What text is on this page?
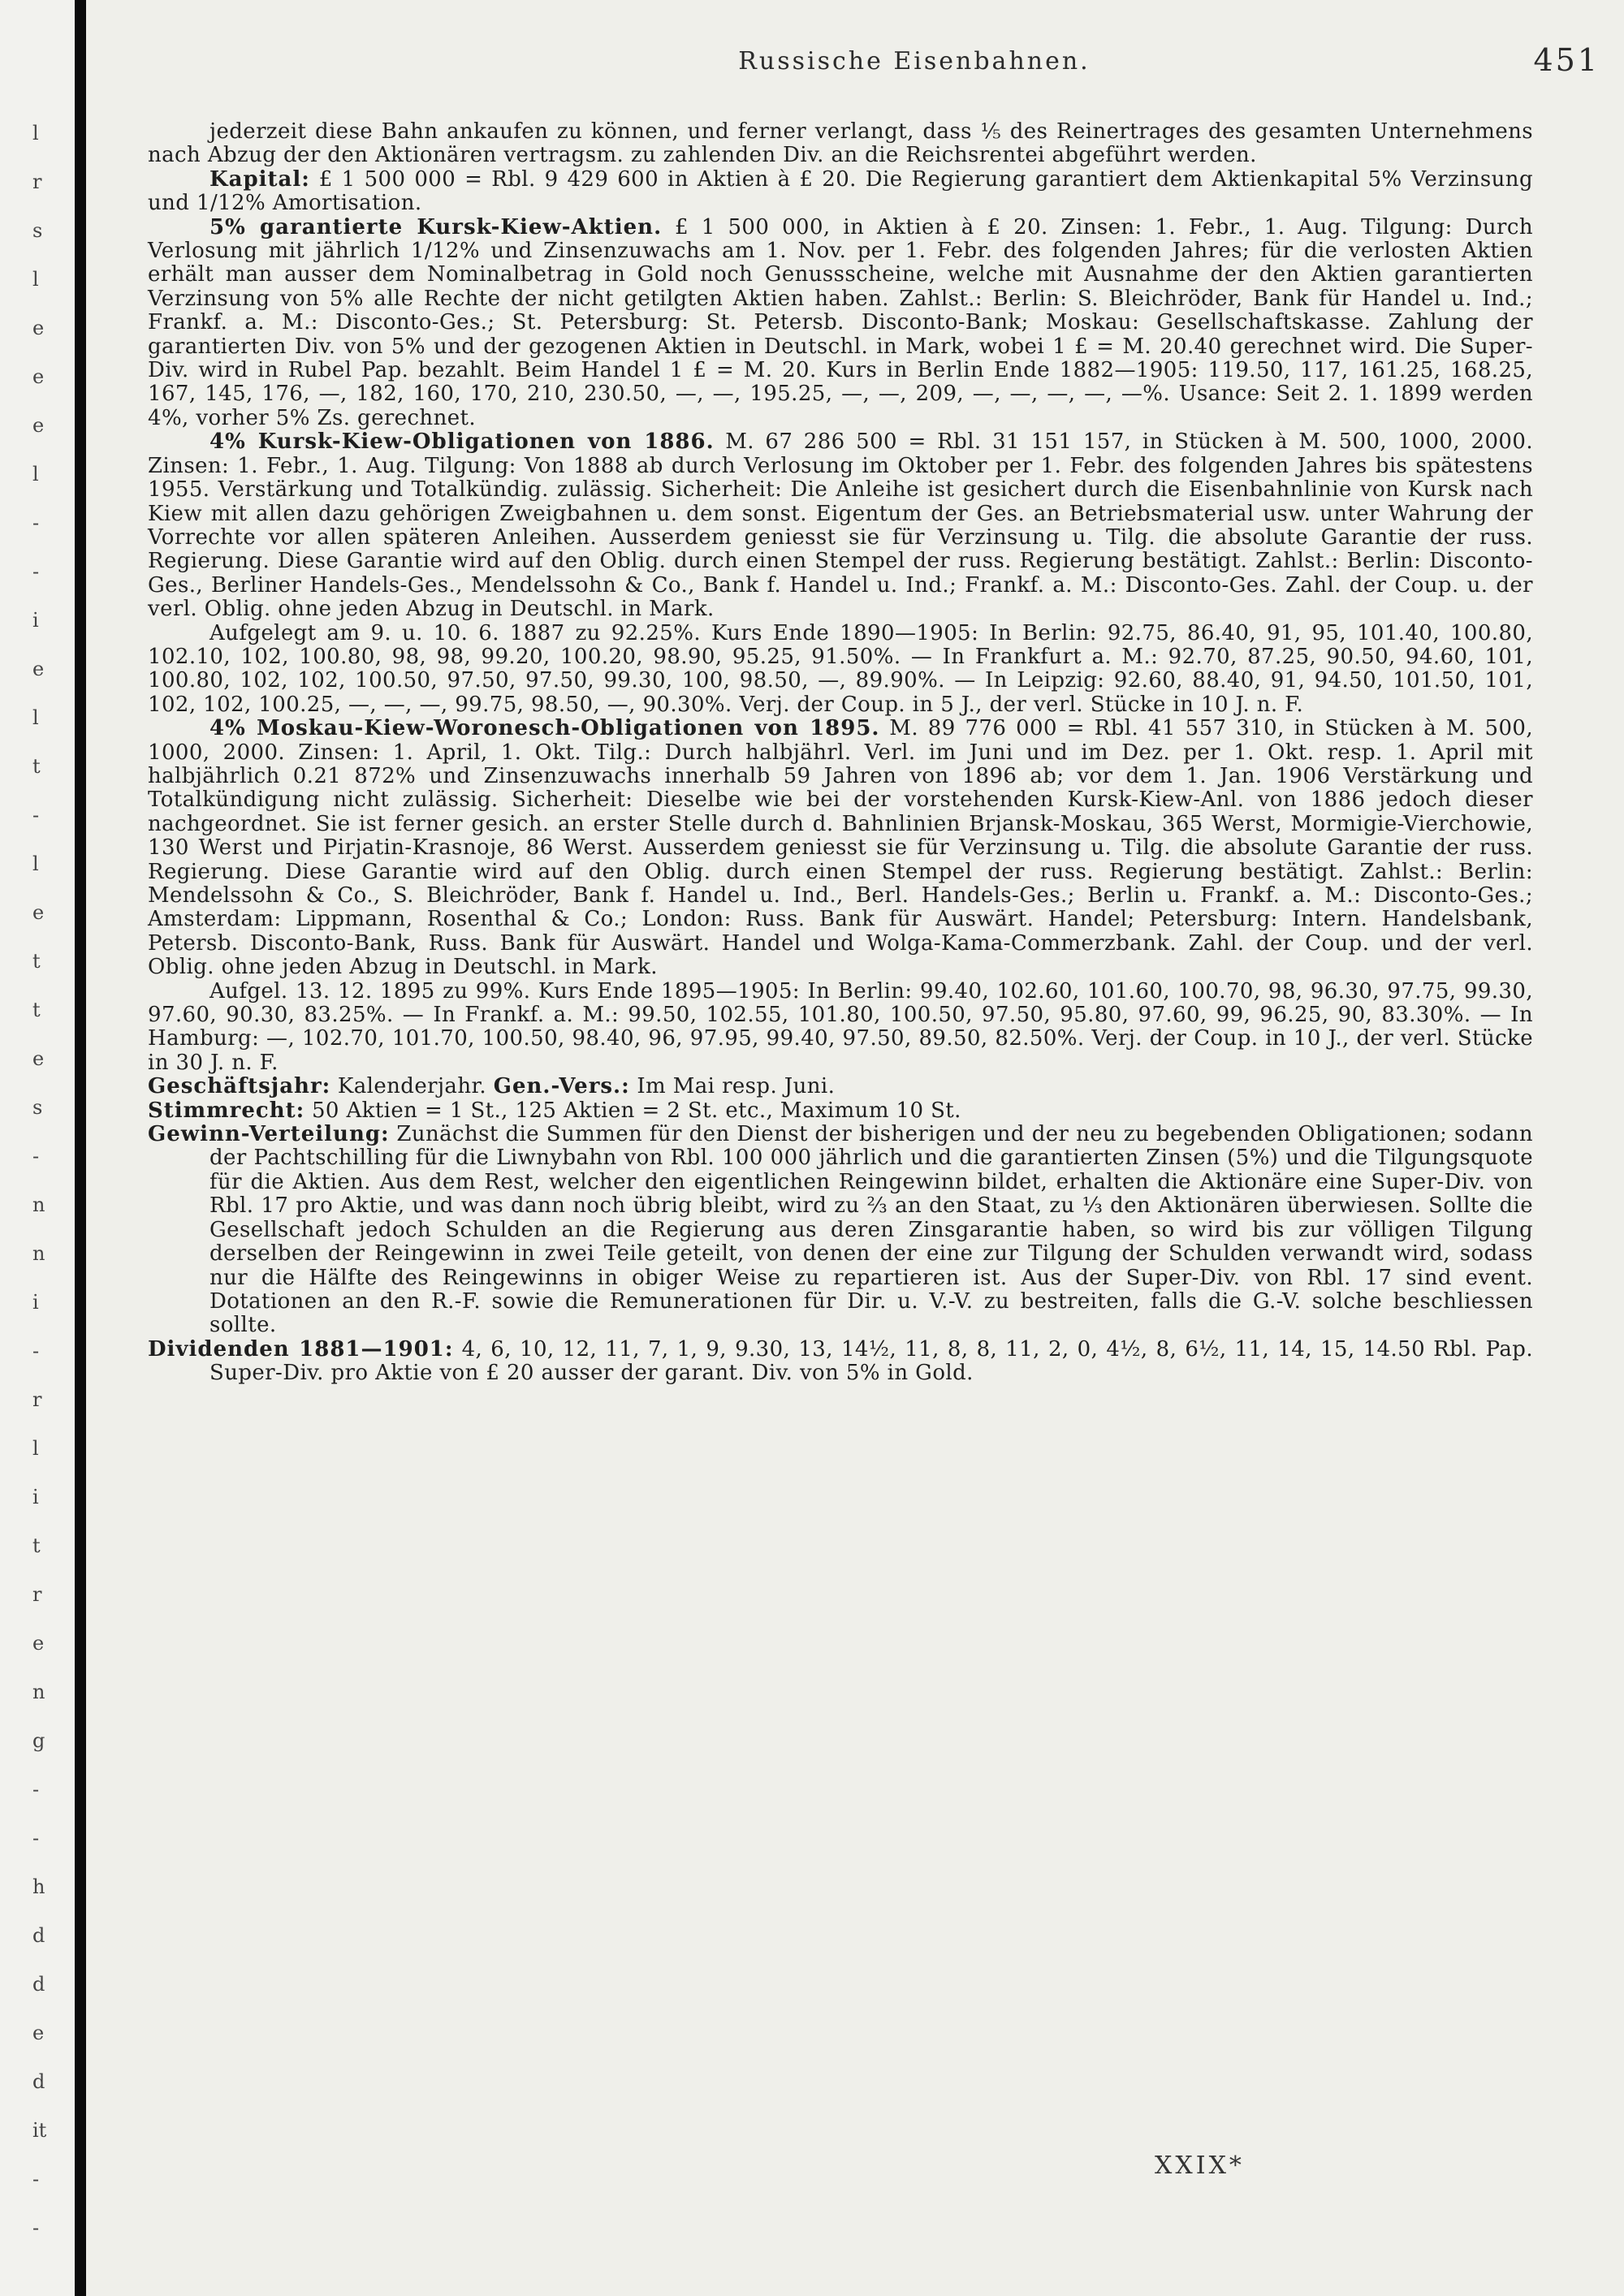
l
r
s
l
e
e
e
l
-
-
i
e
l
t
-
l
e
t
t
e
s
-
n
n
i
-
r
l
i
t
r
e
n
g
-
-
h
d
d
e
d
it
-
-
Russische Eisenbahnen.	451

jederzeit diese Bahn ankaufen zu können, und ferner verlangt, dass ⅕ des Reinertrages des gesamten Unternehmens nach Abzug der den Aktionären vertragsm. zu zahlenden Div. an die Reichsrentei abgeführt werden.

Kapital: £ 1 500 000 = Rbl. 9 429 600 in Aktien à £ 20. Die Regierung garantiert dem Aktienkapital 5% Verzinsung und 1/12% Amortisation.

5% garantierte Kursk-Kiew-Aktien. £ 1 500 000, in Aktien à £ 20. Zinsen: 1. Febr., 1. Aug. Tilgung: Durch Verlosung mit jährlich 1/12% und Zinsenzuwachs am 1. Nov. per 1. Febr. des folgenden Jahres; für die verlosten Aktien erhält man ausser dem Nominalbetrag in Gold noch Genussscheine, welche mit Ausnahme der den Aktien garantierten Verzinsung von 5% alle Rechte der nicht getilgten Aktien haben. Zahlst.: Berlin: S. Bleichröder, Bank für Handel u. Ind.; Frankf. a. M.: Disconto-Ges.; St. Petersburg: St. Petersb. Disconto-Bank; Moskau: Gesellschaftskasse. Zahlung der garantierten Div. von 5% und der gezogenen Aktien in Deutschl. in Mark, wobei 1 £ = M. 20.40 gerechnet wird. Die Super-Div. wird in Rubel Pap. bezahlt. Beim Handel 1 £ = M. 20. Kurs in Berlin Ende 1882—1905: 119.50, 117, 161.25, 168.25, 167, 145, 176, —, 182, 160, 170, 210, 230.50, —, —, 195.25, —, —, 209, —, —, —, —, —%. Usance: Seit 2. 1. 1899 werden 4%, vorher 5% Zs. gerechnet.

4% Kursk-Kiew-Obligationen von 1886. M. 67 286 500 = Rbl. 31 151 157, in Stücken à M. 500, 1000, 2000. Zinsen: 1. Febr., 1. Aug. Tilgung: Von 1888 ab durch Verlosung im Oktober per 1. Febr. des folgenden Jahres bis spätestens 1955. Verstärkung und Totalkündig. zulässig. Sicherheit: Die Anleihe ist gesichert durch die Eisenbahnlinie von Kursk nach Kiew mit allen dazu gehörigen Zweigbahnen u. dem sonst. Eigentum der Ges. an Betriebsmaterial usw. unter Wahrung der Vorrechte vor allen späteren Anleihen. Ausserdem geniesst sie für Verzinsung u. Tilg. die absolute Garantie der russ. Regierung. Diese Garantie wird auf den Oblig. durch einen Stempel der russ. Regierung bestätigt. Zahlst.: Berlin: Disconto-Ges., Berliner Handels-Ges., Mendelssohn & Co., Bank f. Handel u. Ind.; Frankf. a. M.: Disconto-Ges. Zahl. der Coup. u. der verl. Oblig. ohne jeden Abzug in Deutschl. in Mark.

Aufgelegt am 9. u. 10. 6. 1887 zu 92.25%. Kurs Ende 1890—1905: In Berlin: 92.75, 86.40, 91, 95, 101.40, 100.80, 102.10, 102, 100.80, 98, 98, 99.20, 100.20, 98.90, 95.25, 91.50%. — In Frankfurt a. M.: 92.70, 87.25, 90.50, 94.60, 101, 100.80, 102, 102, 100.50, 97.50, 97.50, 99.30, 100, 98.50, —, 89.90%. — In Leipzig: 92.60, 88.40, 91, 94.50, 101.50, 101, 102, 102, 100.25, —, —, —, 99.75, 98.50, —, 90.30%. Verj. der Coup. in 5 J., der verl. Stücke in 10 J. n. F.

4% Moskau-Kiew-Woronesch-Obligationen von 1895. M. 89 776 000 = Rbl. 41 557 310, in Stücken à M. 500, 1000, 2000. Zinsen: 1. April, 1. Okt. Tilg.: Durch halbjährl. Verl. im Juni und im Dez. per 1. Okt. resp. 1. April mit halbjährlich 0.21 872% und Zinsenzuwachs innerhalb 59 Jahren von 1896 ab; vor dem 1. Jan. 1906 Verstärkung und Totalkündigung nicht zulässig. Sicherheit: Dieselbe wie bei der vorstehenden Kursk-Kiew-Anl. von 1886 jedoch dieser nachgeordnet. Sie ist ferner gesich. an erster Stelle durch d. Bahnlinien Brjansk-Moskau, 365 Werst, Mormigie-Vierchowie, 130 Werst und Pirjatin-Krasnoje, 86 Werst. Ausserdem geniesst sie für Verzinsung u. Tilg. die absolute Garantie der russ. Regierung. Diese Garantie wird auf den Oblig. durch einen Stempel der russ. Regierung bestätigt. Zahlst.: Berlin: Mendelssohn & Co., S. Bleichröder, Bank f. Handel u. Ind., Berl. Handels-Ges.; Berlin u. Frankf. a. M.: Disconto-Ges.; Amsterdam: Lippmann, Rosenthal & Co.; London: Russ. Bank für Auswärt. Handel; Petersburg: Intern. Handelsbank, Petersb. Disconto-Bank, Russ. Bank für Auswärt. Handel und Wolga-Kama-Commerzbank. Zahl. der Coup. und der verl. Oblig. ohne jeden Abzug in Deutschl. in Mark.

Aufgel. 13. 12. 1895 zu 99%. Kurs Ende 1895—1905: In Berlin: 99.40, 102.60, 101.60, 100.70, 98, 96.30, 97.75, 99.30, 97.60, 90.30, 83.25%. — In Frankf. a. M.: 99.50, 102.55, 101.80, 100.50, 97.50, 95.80, 97.60, 99, 96.25, 90, 83.30%. — In Hamburg: —, 102.70, 101.70, 100.50, 98.40, 96, 97.95, 99.40, 97.50, 89.50, 82.50%. Verj. der Coup. in 10 J., der verl. Stücke in 30 J. n. F.

Geschäftsjahr: Kalenderjahr. Gen.-Vers.: Im Mai resp. Juni.

Stimmrecht: 50 Aktien = 1 St., 125 Aktien = 2 St. etc., Maximum 10 St.

Gewinn-Verteilung: Zunächst die Summen für den Dienst der bisherigen und der neu zu begebenden Obligationen; sodann der Pachtschilling für die Liwnybahn von Rbl. 100 000 jährlich und die garantierten Zinsen (5%) und die Tilgungsquote für die Aktien. Aus dem Rest, welcher den eigentlichen Reingewinn bildet, erhalten die Aktionäre eine Super-Div. von Rbl. 17 pro Aktie, und was dann noch übrig bleibt, wird zu ⅔ an den Staat, zu ⅓ den Aktionären überwiesen. Sollte die Gesellschaft jedoch Schulden an die Regierung aus deren Zinsgarantie haben, so wird bis zur völligen Tilgung derselben der Reingewinn in zwei Teile geteilt, von denen der eine zur Tilgung der Schulden verwandt wird, sodass nur die Hälfte des Reingewinns in obiger Weise zu repartieren ist. Aus der Super-Div. von Rbl. 17 sind event. Dotationen an den R.-F. sowie die Remunerationen für Dir. u. V.-V. zu bestreiten, falls die G.-V. solche beschliessen sollte.

Dividenden 1881—1901: 4, 6, 10, 12, 11, 7, 1, 9, 9.30, 13, 14½, 11, 8, 8, 11, 2, 0, 4½, 8, 6½, 11, 14, 15, 14.50 Rbl. Pap. Super-Div. pro Aktie von £ 20 ausser der garant. Div. von 5% in Gold.

XXIX*
